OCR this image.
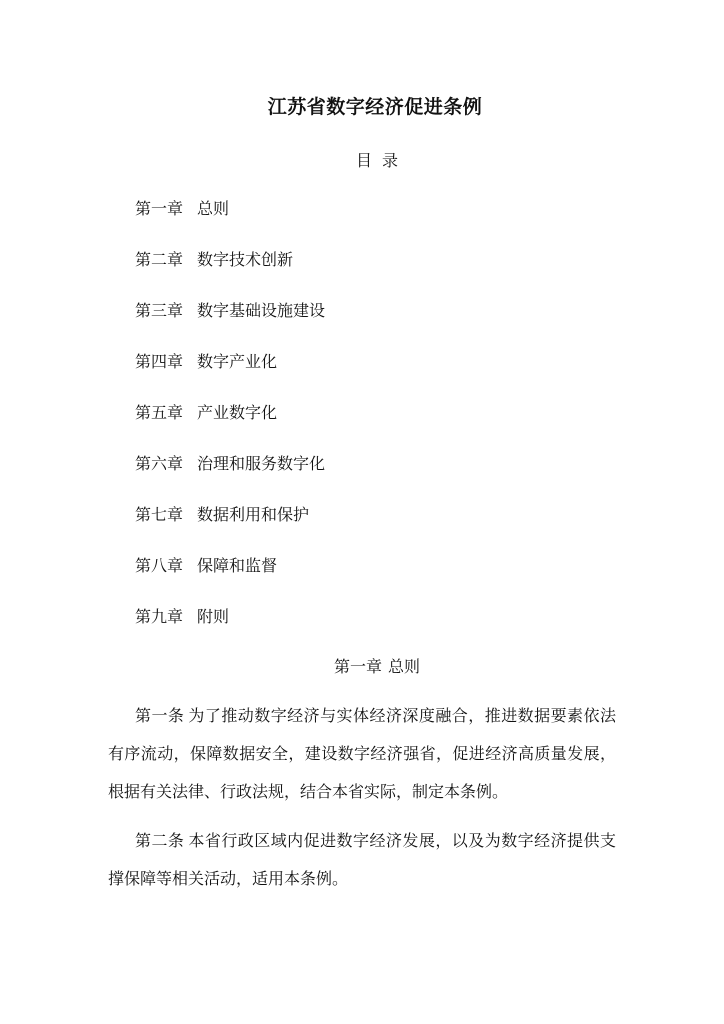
江苏省数字经济促进条例
目 录
第一章 总则
第二章 数字技术创新
第三章 数字基础设施建设
第四章 数字产业化
第五章 产业数字化
第六章 治理和服务数字化
第七章 数据利用和保护
第八章 保障和监督
第九章 附则
第一章 总则

第一条 为了推动数字经济与实体经济深度融合，推进数据要素依法有序流动，保障数据安全，建设数字经济强省，促进经济高质量发展，根据有关法律、行政法规，结合本省实际，制定本条例。

第二条 本省行政区域内促进数字经济发展，以及为数字经济提供支撑保障等相关活动，适用本条例。
